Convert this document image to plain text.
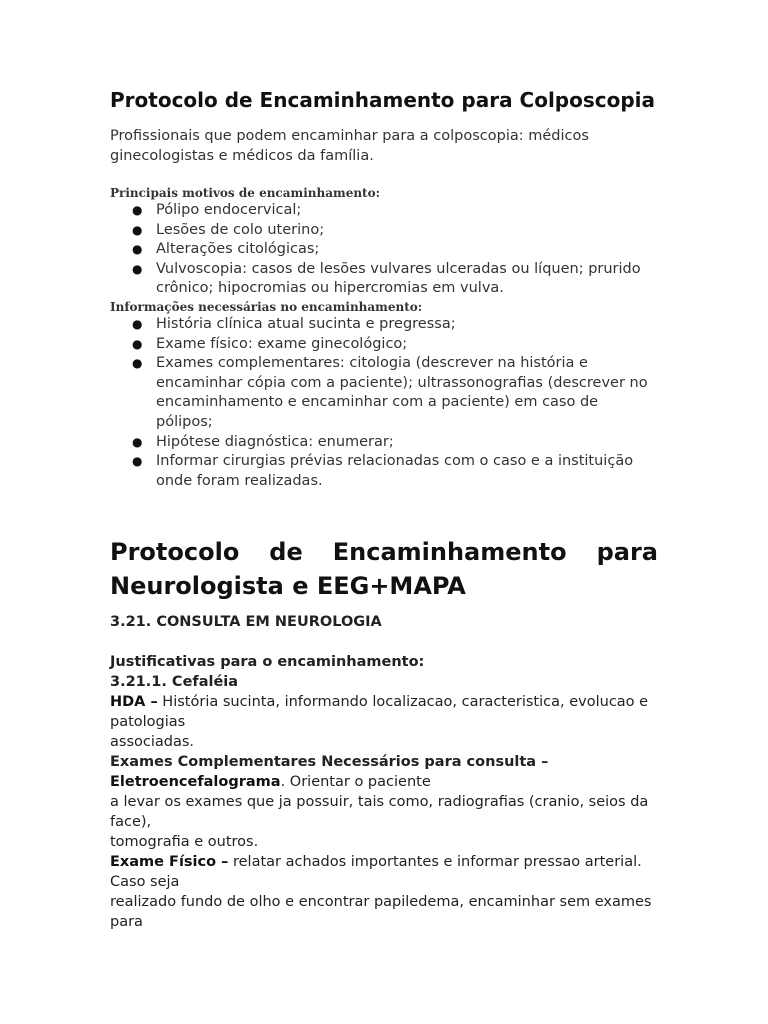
Protocolo de Encaminhamento para Colposcopia

Profissionais que podem encaminhar para a colposcopia: médicos
ginecologistas e médicos da família.

Principais motivos de encaminhamento:
● Pólipo endocervical;
● Lesões de colo uterino;
● Alterações citológicas;
● Vulvoscopia: casos de lesões vulvares ulceradas ou líquen; prurido
crônico; hipocromias ou hipercromias em vulva.
Informações necessárias no encaminhamento:
● História clínica atual sucinta e pregressa;
● Exame físico: exame ginecológico;
● Exames complementares: citologia (descrever na história e
encaminhar cópia com a paciente); ultrassonografias (descrever no
encaminhamento e encaminhar com a paciente) em caso de pólipos;
● Hipótese diagnóstica: enumerar;
● Informar cirurgias prévias relacionadas com o caso e a instituição
onde foram realizadas.
Protocolo de Encaminhamento para
Neurologista e EEG+MAPA
3.21. CONSULTA EM NEUROLOGIA
Justificativas para o encaminhamento:
3.21.1. Cefaléia
HDA – História sucinta, informando localizacao, caracteristica, evolucao e
patologias
associadas.
Exames Complementares Necessários para consulta –
Eletroencefalograma. Orientar o paciente
a levar os exames que ja possuir, tais como, radiografias (cranio, seios da
face),
tomografia e outros.
Exame Físico – relatar achados importantes e informar pressao arterial.
Caso seja
realizado fundo de olho e encontrar papiledema, encaminhar sem exames
para
